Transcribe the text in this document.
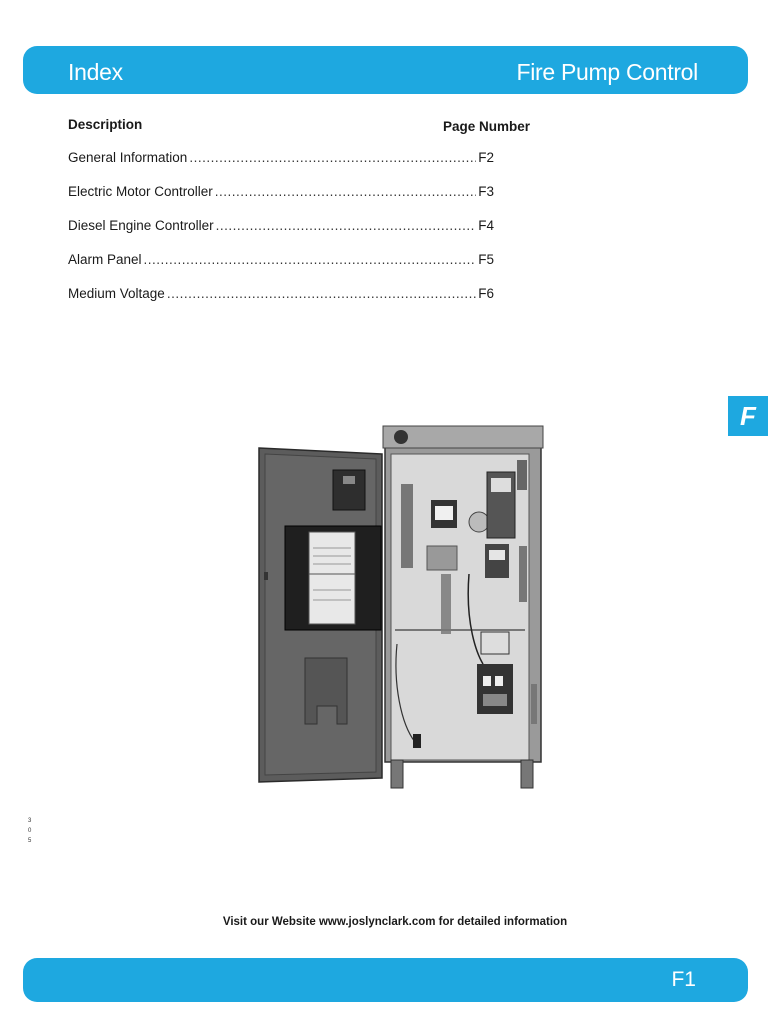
Index	Fire Pump Control
Description	Page Number
General Information .....	F2
Electric Motor Controller .....	F3
Diesel Engine Controller .....	F4
Alarm Panel .....	F5
Medium Voltage .....	F6
F
3
0
5
Visit our Website www.joslynclark.com for detailed information
F1
